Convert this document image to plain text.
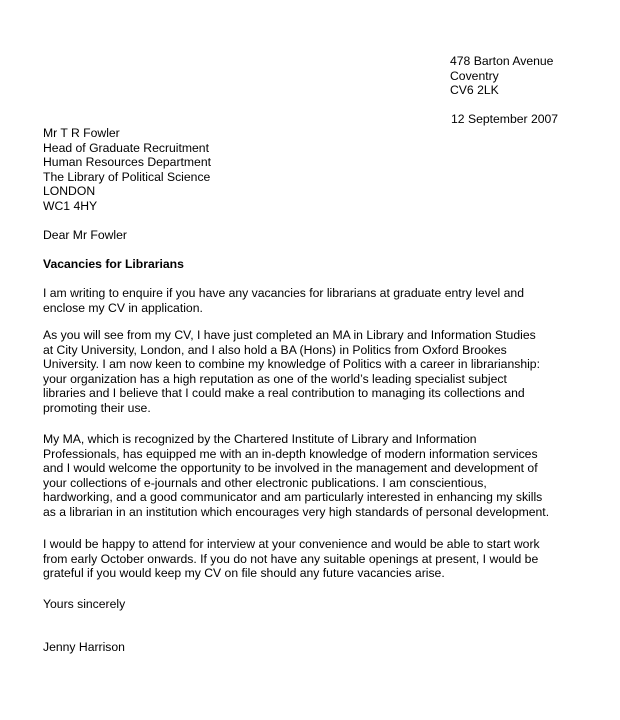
478 Barton Avenue
Coventry
CV6 2LK
12 September 2007
Mr T R Fowler
Head of Graduate Recruitment
Human Resources Department
The Library of Political Science
LONDON
WC1 4HY
Dear Mr Fowler
Vacancies for Librarians

I am writing to enquire if you have any vacancies for librarians at graduate entry level and
enclose my CV in application.

As you will see from my CV, I have just completed an MA in Library and Information Studies
at City University, London, and I also hold a BA (Hons) in Politics from Oxford Brookes
University. I am now keen to combine my knowledge of Politics with a career in librarianship:
your organization has a high reputation as one of the world’s leading specialist subject
libraries and I believe that I could make a real contribution to managing its collections and
promoting their use.

My MA, which is recognized by the Chartered Institute of Library and Information
Professionals, has equipped me with an in-depth knowledge of modern information services
and I would welcome the opportunity to be involved in the management and development of
your collections of e-journals and other electronic publications. I am conscientious,
hardworking, and a good communicator and am particularly interested in enhancing my skills
as a librarian in an institution which encourages very high standards of personal development.

I would be happy to attend for interview at your convenience and would be able to start work
from early October onwards. If you do not have any suitable openings at present, I would be
grateful if you would keep my CV on file should any future vacancies arise.

Yours sincerely
Jenny Harrison
